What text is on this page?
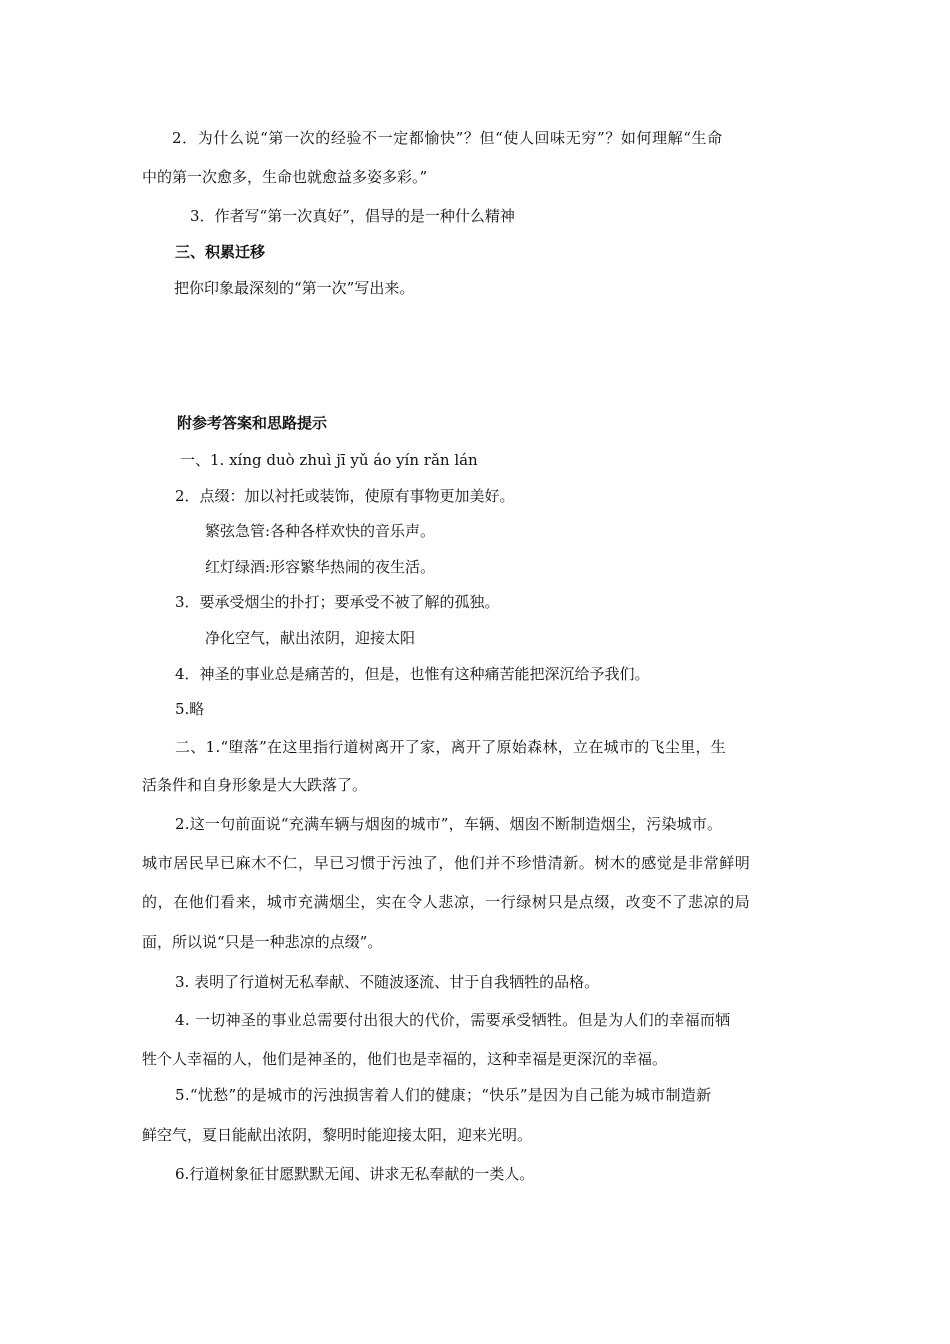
2．为什么说“第一次的经验不一定都愉快”？但“使人回味无穷”？如何理解“生命
中的第一次愈多，生命也就愈益多姿多彩。”
3．作者写“第一次真好”，倡导的是一种什么精神
三、积累迁移
把你印象最深刻的“第一次”写出来。
附参考答案和思路提示
一、1. xíng duò zhuì jī yǔ áo yín rǎn lán
2．点缀：加以衬托或装饰，使原有事物更加美好。
繁弦急管:各种各样欢快的音乐声。
红灯绿酒:形容繁华热闹的夜生活。
3．要承受烟尘的扑打；要承受不被了解的孤独。
净化空气，献出浓阴，迎接太阳
4．神圣的事业总是痛苦的，但是，也惟有这种痛苦能把深沉给予我们。
5.略
二、1.“堕落”在这里指行道树离开了家，离开了原始森林，立在城市的飞尘里，生
活条件和自身形象是大大跌落了。
2.这一句前面说“充满车辆与烟囱的城市”，车辆、烟囱不断制造烟尘，污染城市。
城市居民早已麻木不仁，早已习惯于污浊了，他们并不珍惜清新。树木的感觉是非常鲜明
的，在他们看来，城市充满烟尘，实在令人悲凉，一行绿树只是点缀，改变不了悲凉的局
面，所以说“只是一种悲凉的点缀”。
3. 表明了行道树无私奉献、不随波逐流、甘于自我牺牲的品格。
4. 一切神圣的事业总需要付出很大的代价，需要承受牺牲。但是为人们的幸福而牺
牲个人幸福的人，他们是神圣的，他们也是幸福的，这种幸福是更深沉的幸福。
5.“忧愁”的是城市的污浊损害着人们的健康；“快乐”是因为自己能为城市制造新
鲜空气，夏日能献出浓阴，黎明时能迎接太阳，迎来光明。
6.行道树象征甘愿默默无闻、讲求无私奉献的一类人。
